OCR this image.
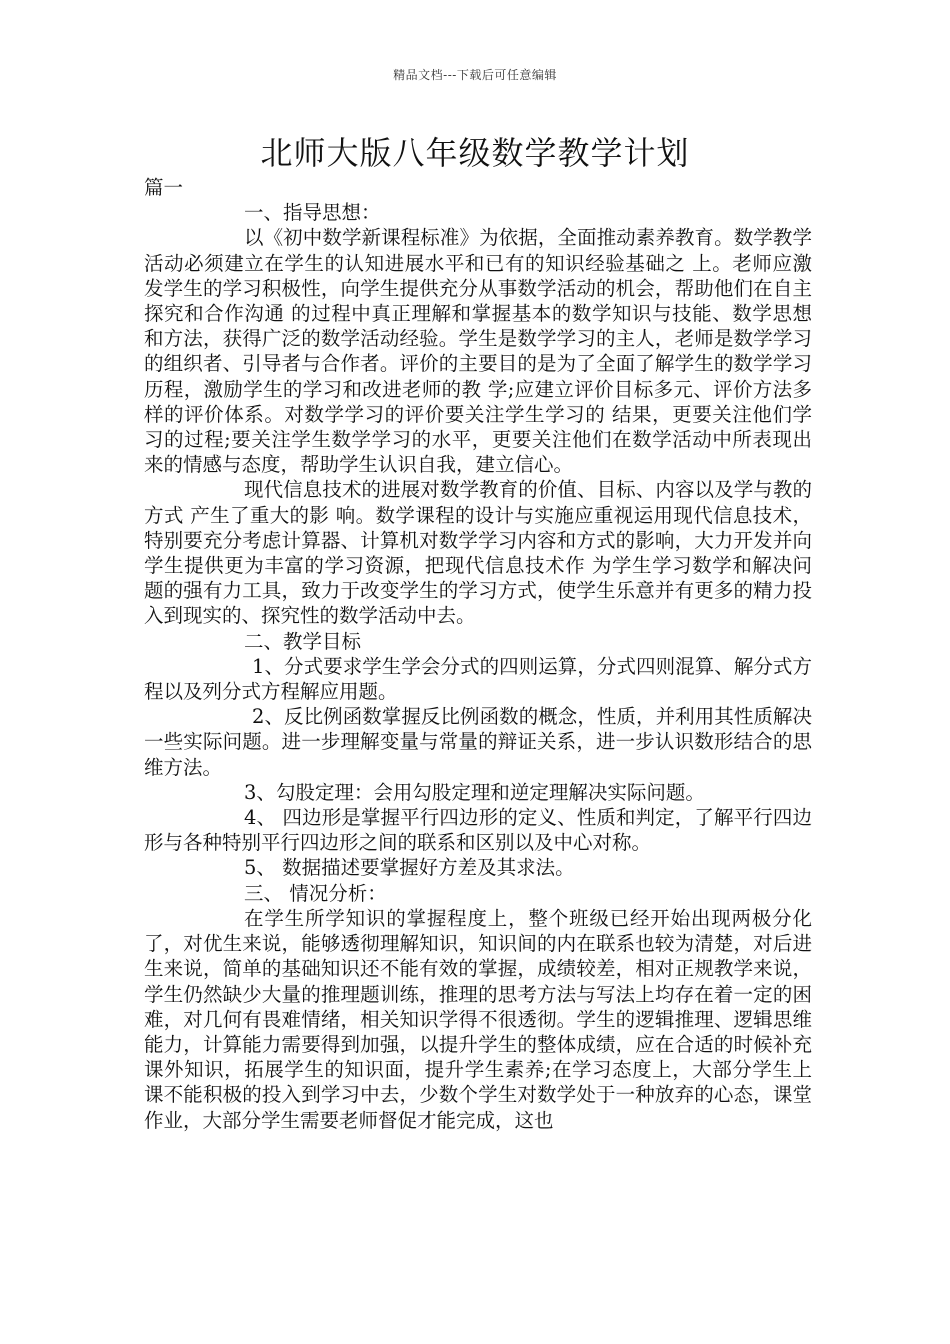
精品文档---下载后可任意编辑
北师大版八年级数学教学计划

篇一

一、指导思想：

以《初中数学新课程标准》为依据，全面推动素养教育。数学教学活动必须建立在学生的认知进展水平和已有的知识经验基础之 上。老师应激发学生的学习积极性，向学生提供充分从事数学活动的机会，帮助他们在自主探究和合作沟通 的过程中真正理解和掌握基本的数学知识与技能、数学思想和方法，获得广泛的数学活动经验。学生是数学学习的主人，老师是数学学习的组织者、引导者与合作者。评价的主要目的是为了全面了解学生的数学学习历程，激励学生的学习和改进老师的教 学;应建立评价目标多元、评价方法多样的评价体系。对数学学习的评价要关注学生学习的 结果，更要关注他们学习的过程;要关注学生数学学习的水平，更要关注他们在数学活动中所表现出来的情感与态度，帮助学生认识自我，建立信心。

现代信息技术的进展对数学教育的价值、目标、内容以及学与教的方式 产生了重大的影 响。数学课程的设计与实施应重视运用现代信息技术，特别要充分考虑计算器、计算机对数学学习内容和方式的影响，大力开发并向学生提供更为丰富的学习资源，把现代信息技术作 为学生学习数学和解决问题的强有力工具，致力于改变学生的学习方式，使学生乐意并有更多的精力投入到现实的、探究性的数学活动中去。

二、教学目标

1、分式要求学生学会分式的四则运算，分式四则混算、解分式方程以及列分式方程解应用题。

2、反比例函数掌握反比例函数的概念，性质，并利用其性质解决一些实际问题。进一步理解变量与常量的辩证关系，进一步认识数形结合的思维方法。

3、勾股定理：会用勾股定理和逆定理解决实际问题。

4、 四边形是掌握平行四边形的定义、性质和判定，了解平行四边形与各种特别平行四边形之间的联系和区别以及中心对称。

5、 数据描述要掌握好方差及其求法。

三、 情况分析：

在学生所学知识的掌握程度上，整个班级已经开始出现两极分化了，对优生来说，能够透彻理解知识，知识间的内在联系也较为清楚，对后进生来说，简单的基础知识还不能有效的掌握，成绩较差，相对正规教学来说，学生仍然缺少大量的推理题训练，推理的思考方法与写法上均存在着一定的困难，对几何有畏难情绪，相关知识学得不很透彻。学生的逻辑推理、逻辑思维能力，计算能力需要得到加强，以提升学生的整体成绩，应在合适的时候补充课外知识，拓展学生的知识面，提升学生素养;在学习态度上，大部分学生上课不能积极的投入到学习中去，少数个学生对数学处于一种放弃的心态，课堂作业，大部分学生需要老师督促才能完成，这也
